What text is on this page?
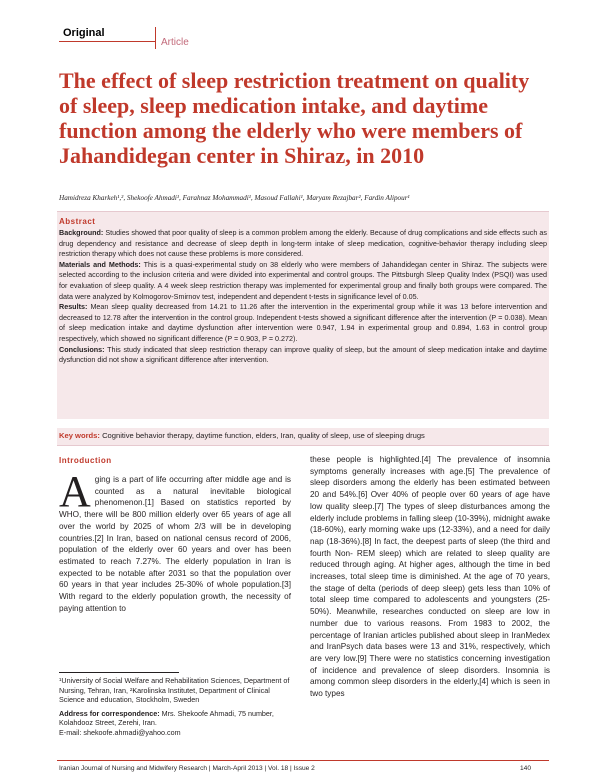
Original
Article
The effect of sleep restriction treatment on quality of sleep, sleep medication intake, and daytime function among the elderly who were members of Jahandidegan center in Shiraz, in 2010
Hamidreza Kharkeh¹,², Shekoofe Ahmadi¹, Farahnaz Mohammadi¹, Masoud Fallahi¹, Maryam Rezajbar², Fardin Alipour¹
Abstract

Background: Studies showed that poor quality of sleep is a common problem among the elderly. Because of drug complications and side effects such as drug dependency and resistance and decrease of sleep depth in long-term intake of sleep medication, cognitive-behavior therapy including sleep restriction therapy which does not cause these problems is more considered.

Materials and Methods: This is a quasi-experimental study on 38 elderly who were members of Jahandidegan center in Shiraz. The subjects were selected according to the inclusion criteria and were divided into experimental and control groups. The Pittsburgh Sleep Quality Index (PSQI) was used for evaluation of sleep quality. A 4 week sleep restriction therapy was implemented for experimental group and finally both groups were compared. The data were analyzed by Kolmogorov-Smirnov test, independent and dependent t-tests in significance level of 0.05.

Results: Mean sleep quality decreased from 14.21 to 11.26 after the intervention in the experimental group while it was 13 before intervention and decreased to 12.78 after the intervention in the control group. Independent t-tests showed a significant difference after the intervention (P = 0.038). Mean of sleep medication intake and daytime dysfunction after intervention were 0.947, 1.94 in experimental group and 0.894, 1.63 in control group respectively, which showed no significant difference (P = 0.903, P = 0.272).

Conclusions: This study indicated that sleep restriction therapy can improve quality of sleep, but the amount of sleep medication intake and daytime dysfunction did not show a significant difference after intervention.

Key words: Cognitive behavior therapy, daytime function, elders, Iran, quality of sleep, use of sleeping drugs
Introduction
A ging is a part of life occurring after middle age and is counted as a natural inevitable biological phenomenon.[1] Based on statistics reported by WHO, there will be 800 million elderly over 65 years of age all over the world by 2025 of whom 2/3 will be in developing countries.[2] In Iran, based on national census record of 2006, population of the elderly over 60 years and over has been estimated to reach 7.27%. The elderly population in Iran is expected to be notable after 2031 so that the population over 60 years in that year includes 25-30% of whole population.[3] With regard to the elderly population growth, the necessity of paying attention to

these people is highlighted.[4] The prevalence of insomnia symptoms generally increases with age.[5] The prevalence of sleep disorders among the elderly has been estimated between 20 and 54%.[6] Over 40% of people over 60 years of age have low quality sleep.[7] The types of sleep disturbances among the elderly include problems in falling sleep (10-39%), midnight awake (18-60%), early morning wake ups (12-33%), and a need for daily nap (18-36%).[8] In fact, the deepest parts of sleep (the third and fourth Non- REM sleep) which are related to sleep quality are reduced through aging. At higher ages, although the time in bed increases, total sleep time is diminished. At the age of 70 years, the stage of delta (periods of deep sleep) gets less than 10% of total sleep time compared to adolescents and youngsters (25-50%). Meanwhile, researches conducted on sleep are low in number due to various reasons. From 1983 to 2002, the percentage of Iranian articles published about sleep in IranMedex and IranPsych data bases were 13 and 31%, respectively, which are very low.[9] There were no statistics concerning investigation of incidence and prevalence of sleep disorders. Insomnia is among common sleep disorders in the elderly,[4] which is seen in two types

¹University of Social Welfare and Rehabilitation Sciences, Department of Nursing, Tehran, Iran, ²Karolinska Institutet, Department of Clinical Science and education, Stockholm, Sweden

Address for correspondence: Mrs. Shekoofe Ahmadi, 75 number, Kolahdooz Street, Zerehi, Iran.

E-mail: shekoofe.ahmadi@yahoo.com

Iranian Journal of Nursing and Midwifery Research | March-April 2013 | Vol. 18 | Issue 2	140
